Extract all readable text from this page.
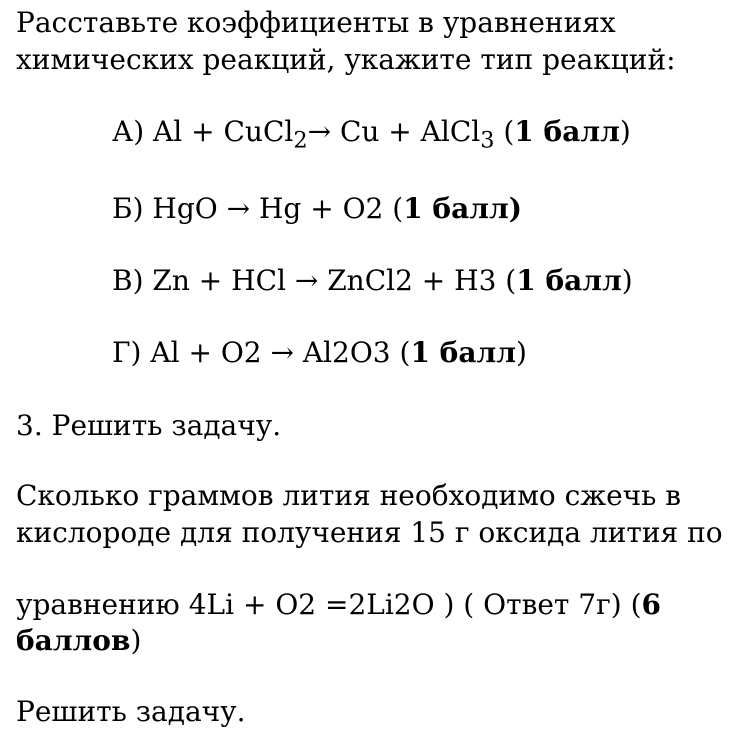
Расставьте коэффициенты в уравнениях
химических реакций, укажите тип реакций:
А) Al + CuCl$_2$→ Cu + AlCl$_3$ (1 балл)
Б) HgO → Hg + O2 (1 балл)
В) Zn + HCl → ZnCl2 + H3 (1 балл)
Г) Al + O2 → Al2O3 (1 балл)
3. Решить задачу.
Сколько граммов лития необходимо сжечь в
кислороде для получения 15 г оксида лития по
уравнению 4Li + O2 =2Li2O ) ( Ответ 7г) (6
баллов)
Решить задачу.
